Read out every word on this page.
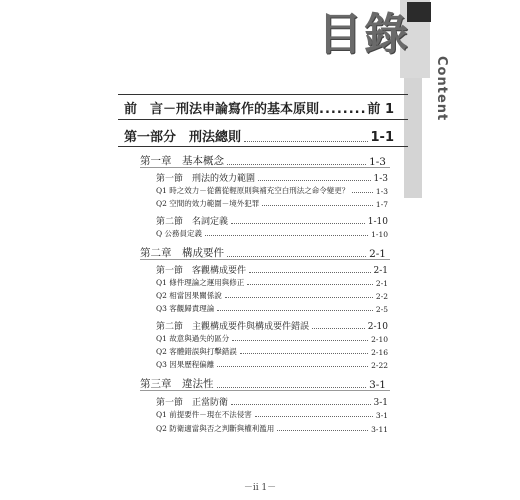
目錄
Content
前　言－刑法申論寫作的基本原則
........	前 1
第一部分　刑法總則	1-1
第一章　基本概念	1-3
第一節　刑法的效力範圍	1-3
Q1 時之效力－從舊從輕原則與補充空白刑法之命令變更？	1-3
Q2 空間的效力範圍－境外犯罪	1-7
第二節　名詞定義	1-10
Q 公務員定義	1-10
第二章　構成要件	2-1
第一節　客觀構成要件	2-1
Q1 條件理論之運用與修正	2-1
Q2 相當因果關係說	2-2
Q3 客觀歸責理論	2-5
第二節　主觀構成要件與構成要件錯誤	2-10
Q1 故意與過失的區分	2-10
Q2 客體錯誤與打擊錯誤	2-16
Q3 因果歷程偏離	2-22
第三章　違法性	3-1
第一節　正當防衛	3-1
Q1 前提要件－現在不法侵害	3-1
Q2 防衛適當與否之判斷與權利濫用	3-11
－ii 1－
